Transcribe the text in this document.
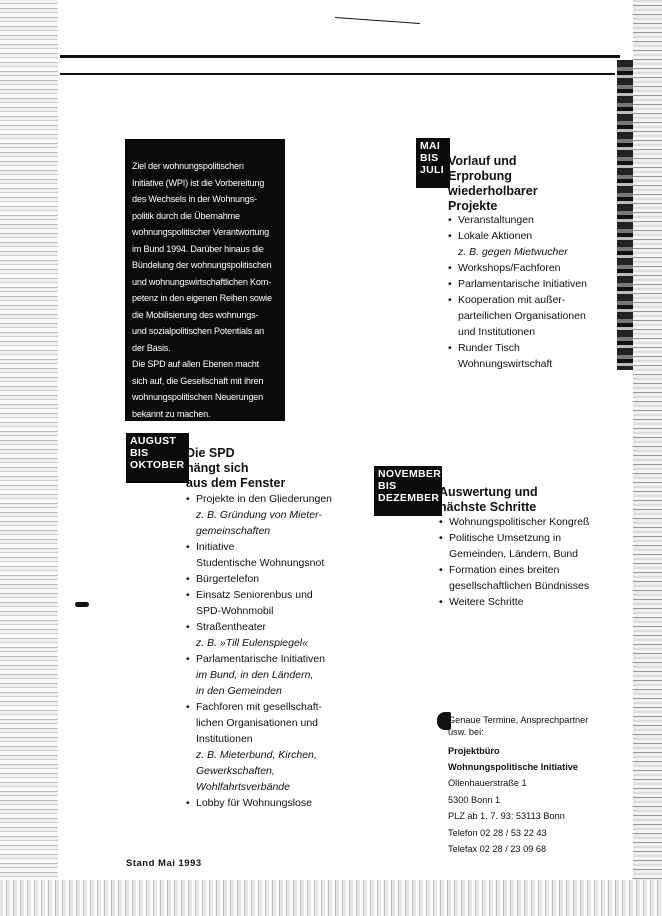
Ziel der wohnungspolitischen
Initiative (WPI) ist die Vorbereitung
des Wechsels in der Wohnungs-
politik durch die Übernahme
wohnungspolitischer Verantwortung
im Bund 1994. Darüber hinaus die
Bündelung der wohnungspolitischen
und wohnungswirtschaftlichen Kom-
petenz in den eigenen Reihen sowie
die Mobilisierung des wohnungs-
und sozialpolitischen Potentials an
der Basis.
Die SPD auf allen Ebenen macht
sich auf, die Gesellschaft mit ihren
wohnungspolitischen Neuerungen
bekannt zu machen.

MAI
BIS
JULI
Vorlauf und
Erprobung
wiederholbarer
Projekte
• Veranstaltungen
• Lokale Aktionen
z. B. gegen Mietwucher
• Workshops/Fachforen
• Parlamentarische Initiativen
• Kooperation mit außer-
parteilichen Organisationen
und Institutionen
• Runder Tisch
Wohnungswirtschaft
AUGUST
BIS
OKTOBER
Die SPD
hängt sich
aus dem Fenster
• Projekte in den Gliederungen
z. B. Gründung von Mieter-
gemeinschaften
• Initiative
Studentische Wohnungsnot
• Bürgertelefon
• Einsatz Seniorenbus und
SPD-Wohnmobil
• Straßentheater
z. B. »Till Eulenspiegel«
• Parlamentarische Initiativen
im Bund, in den Ländern,
in den Gemeinden
• Fachforen mit gesellschaft-
lichen Organisationen und
Institutionen
z. B. Mieterbund, Kirchen,
Gewerkschaften,
Wohlfahrtsverbände
• Lobby für Wohnungslose
NOVEMBER
BIS
DEZEMBER Auswertung und
nächste Schritte
• Wohnungspolitischer Kongreß
• Politische Umsetzung in
Gemeinden, Ländern, Bund
• Formation eines breiten
gesellschaftlichen Bündnisses
• Weitere Schritte
Genaue Termine, Ansprechpartner
usw. bei:
Projektbüro
Wohnungspolitische Initiative
Ollenhauerstraße 1
5300 Bonn 1
PLZ ab 1. 7. 93: 53113 Bonn
Telefon 02 28 / 53 22 43
Telefax 02 28 / 23 09 68
Stand Mai 1993
